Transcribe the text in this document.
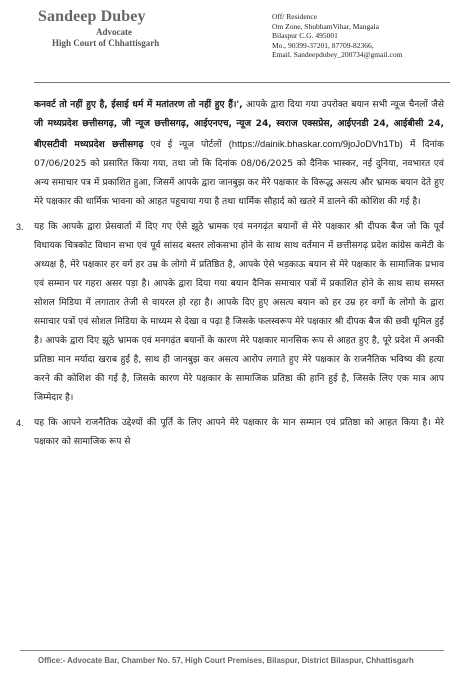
Sandeep Dubey
Advocate
High Court of Chhattisgarh
Off/ Residence
Om Zone, ShubhamVihar, Mangala
Bilaspur C.G. 495001
Mo., 90399-37201, 87709-82366,
Email. Sandeepdubey_200734@gmail.com

कनवर्ट तो नहीं हुए है, ईसाई धर्म में मतांतरण तो नहीं हुए हैं।', आपके द्वारा दिया गया उपरोक्त बयान सभी न्यूज चैनलों जैसे जी मध्यप्रदेश छत्तीसगढ़, जी न्यूज छत्तीसगढ़, आईएनएच, न्यूज 24, स्वराज एक्सप्रेस, आईएनडी 24, आईबीसी 24, बीएसटीवी मध्यप्रदेश छत्तीसगढ़ एवं ई न्यूज पोर्टलों (https://dainik.bhaskar.com/9joJoDVh1Tb) में दिनांक 07/06/2025 को प्रसारित किया गया, तथा जो कि दिनांक 08/06/2025 को दैनिक भास्कर, नई दुनिया, नवभारत एवं अन्य समाचार पत्र में प्रकाशित हुआ, जिसमें आपके द्वारा जानबुझ कर मेरे पक्षकार के विरूद्ध असत्य और भ्रामक बयान देते हुए मेरे पक्षकार की धार्मिक भावना को आहत पहुचाया गया है तथा धार्मिक सौहार्द को खतरे में डालने की कोशिश की गई है।

3. यह कि आपके द्वारा प्रेसवार्ता में दिए गए ऐसे झूठे भ्रामक एवं मनगढ़ंत बयानों से मेरे पक्षकार श्री दीपक बैज जो कि पूर्व विधायक चित्रकोट विधान सभा एवं पूर्व सांसद बस्तर लोकसभा होने के साथ साथ वर्तमान में छत्तीसगढ़ प्रदेश कांग्रेस कमेटी के अध्यक्ष है, मेरे पक्षकार हर वर्ग हर उम्र के लोगो में प्रतिष्ठित है, आपके ऐसे भड़काऊ बयान से मेरे पक्षकार के सामाजिक प्रभाव एवं सम्मान पर गहरा असर पड़ा है। आपके द्वारा दिया गया बयान दैनिक समाचार पत्रों में प्रकाशित होने के साथ साथ समस्त सोशल मिडिया में लगातार तेजी से वायरल हो रहा है। आपके दिए हुए असत्य बयान को हर उम्र हर वर्गो के लोगो के द्वारा समाचार पत्रों एवं सोशल मिडिया के माध्यम से देखा व पढ़ा है जिसके फलस्वरूप मेरे पक्षकार श्री दीपक बैज की छवी धूमिल हुई है। आपके द्वारा दिए झूठे भ्रामक एवं मनगढ़ंत बयानों के कारण मेरे पक्षकार मानसिक रूप से आहत हुए है, पूरे प्रदेश में अनकी प्रतिष्ठा मान मर्यादा खराब हुई है, साथ ही जानबुझ कर असत्य आरोप लगाते हुए मेरे पक्षकार के राजनैतिक भविष्य की हत्या करने की कोशिश की गई है, जिसके कारण मेरे पक्षकार के सामाजिक प्रतिष्ठा की हानि हुई है, जिसके लिए एक मात्र आप जिम्मेदार है।
4. यह कि आपने राजनैतिक उद्देश्यों की पूर्ति के लिए आपने मेरे पक्षकार के मान सम्मान एवं प्रतिष्ठा को आहत किया है। मेरे पक्षकार को सामाजिक रूप से
Office:- Advocate Bar, Chamber No. 57, High Court Premises, Bilaspur, District Bilaspur, Chhattisgarh
